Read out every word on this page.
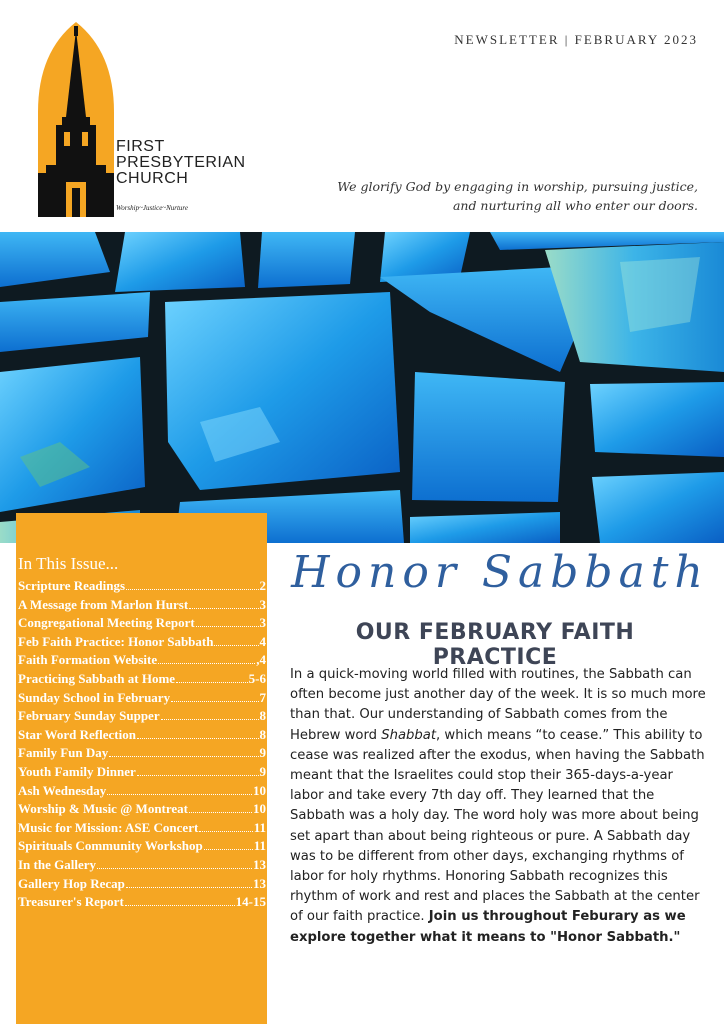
FIRST
PRESBYTERIAN
CHURCH
Worship~Justice~Nurture
NEWSLETTER | FEBRUARY 2023
We glorify God by engaging in worship, pursuing justice, and nurturing all who enter our doors.
In This Issue...
Scripture Readings	2
A Message from Marlon Hurst	3
Congregational Meeting Report	3
Feb Faith Practice: Honor Sabbath	4
Faith Formation Website	,4
Practicing Sabbath at Home	5-6
Sunday School in February	7
February Sunday Supper	8
Star Word Reflection	8
Family Fun Day	9
Youth Family Dinner	9
Ash Wednesday	10
Worship & Music @ Montreat	10
Music for Mission: ASE Concert	11
Spirituals Community Workshop	11
In the Gallery	13
Gallery Hop Recap	13
Treasurer's Report	14-15
Honor Sabbath
OUR FEBRUARY FAITH PRACTICE

In a quick-moving world filled with routines, the Sabbath can often become just another day of the week. It is so much more than that. Our understanding of Sabbath comes from the Hebrew word Shabbat, which means “to cease.” This ability to cease was realized after the exodus, when having the Sabbath meant that the Israelites could stop their 365-days-a-year labor and take every 7th day off. They learned that the Sabbath was a holy day. The word holy was more about being set apart than about being righteous or pure. A Sabbath day was to be different from other days, exchanging rhythms of labor for holy rhythms. Honoring Sabbath recognizes this rhythm of work and rest and places the Sabbath at the center of our faith practice. Join us throughout Feburary as we explore together what it means to "Honor Sabbath."
